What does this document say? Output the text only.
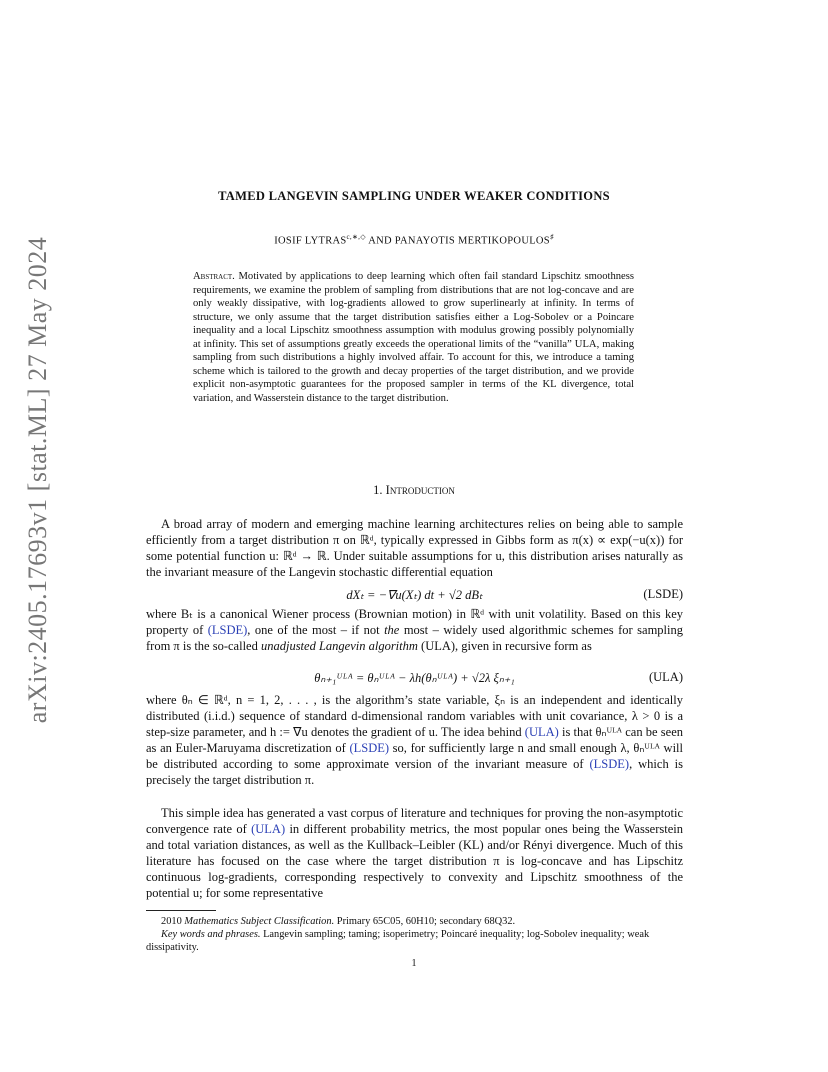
arXiv:2405.17693v1 [stat.ML] 27 May 2024
TAMED LANGEVIN SAMPLING UNDER WEAKER CONDITIONS
IOSIF $LYTRAS^{c,∗,◇}$ AND PANAYOTIS MERTIKOPOULOS♯
Abstract. Motivated by applications to deep learning which often fail standard Lipschitz smoothness requirements, we examine the problem of sampling from distributions that are not log-concave and are only weakly dissipative, with log-gradients allowed to grow superlinearly at infinity. In terms of structure, we only assume that the target distribution satisfies either a Log-Sobolev or a Poincare inequality and a local Lipschitz smoothness assumption with modulus growing possibly polynomially at infinity. This set of assumptions greatly exceeds the operational limits of the “vanilla” ULA, making sampling from such distributions a highly involved affair. To account for this, we introduce a taming scheme which is tailored to the growth and decay properties of the target distribution, and we provide explicit non-asymptotic guarantees for the proposed sampler in terms of the KL divergence, total variation, and Wasserstein distance to the target distribution.
1. Introduction

A broad array of modern and emerging machine learning architectures relies on being able to sample efficiently from a target distribution π on ℝᵈ, typically expressed in Gibbs form as π(x) ∝ exp(−u(x)) for some potential function u: ℝᵈ → ℝ. Under suitable assumptions for u, this distribution arises naturally as the invariant measure of the Langevin stochastic differential equation

dXₜ = −∇u(Xₜ) dt + √2 dBₜ	(LSDE)

where Bₜ is a canonical Wiener process (Brownian motion) in ℝᵈ with unit volatility. Based on this key property of (LSDE), one of the most – if not the most – widely used algorithmic schemes for sampling from π is the so-called unadjusted Langevin algorithm (ULA), given in recursive form as

θₙ₊₁ᵁᴸᴬ = θₙᵁᴸᴬ − λh(θₙᵁᴸᴬ) + √2λ ξₙ₊₁	(ULA)

where θₙ ∈ ℝᵈ, n = 1, 2, . . . , is the algorithm’s state variable, ξₙ is an independent and identically distributed (i.i.d.) sequence of standard d-dimensional random variables with unit covariance, λ > 0 is a step-size parameter, and h := ∇u denotes the gradient of u. The idea behind (ULA) is that θₙᵁᴸᴬ can be seen as an Euler-Maruyama discretization of (LSDE) so, for sufficiently large n and small enough λ, θₙᵁᴸᴬ will be distributed according to some approximate version of the invariant measure of (LSDE), which is precisely the target distribution π.

This simple idea has generated a vast corpus of literature and techniques for proving the non-asymptotic convergence rate of (ULA) in different probability metrics, the most popular ones being the Wasserstein and total variation distances, as well as the Kullback–Leibler (KL) and/or Rényi divergence. Much of this literature has focused on the case where the target distribution π is log-concave and has Lipschitz continuous log-gradients, corresponding respectively to convexity and Lipschitz smoothness of the potential u; for some representative

2010 Mathematics Subject Classification. Primary 65C05, 60H10; secondary 68Q32.

Key words and phrases. Langevin sampling; taming; isoperimetry; Poincaré inequality; log-Sobolev inequality; weak dissipativity.

1
